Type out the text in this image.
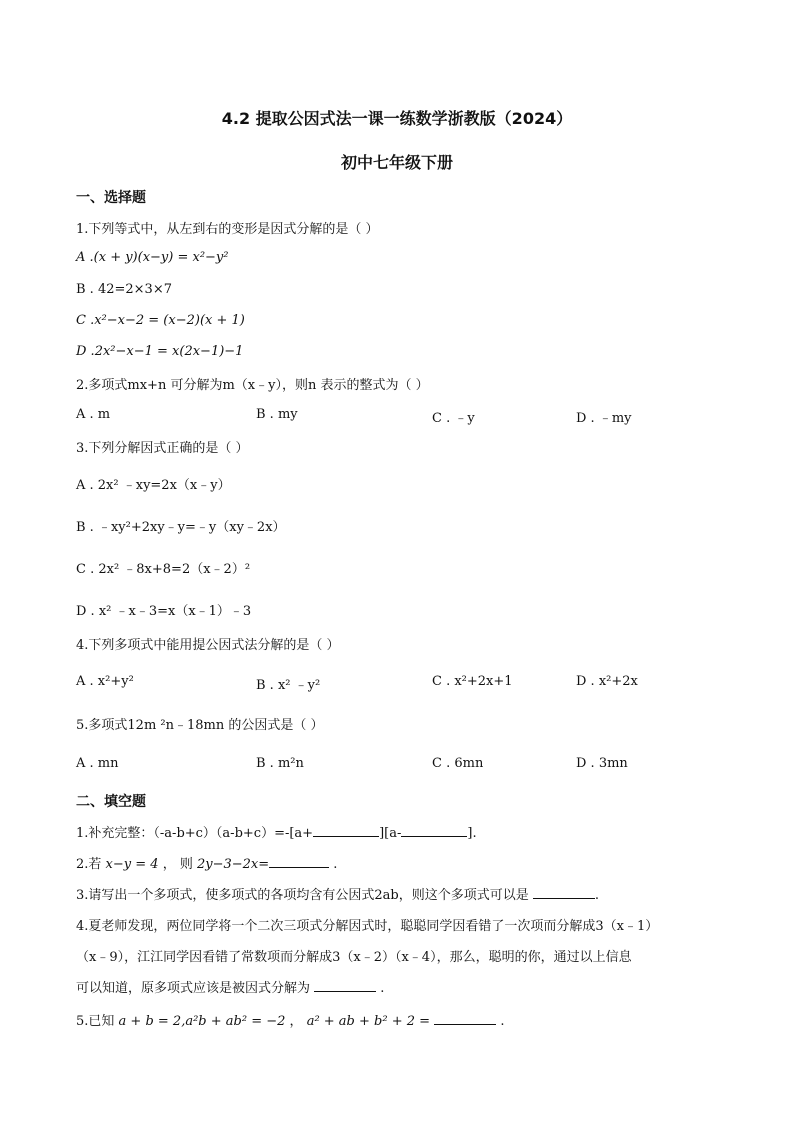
4.2 提取公因式法一课一练数学浙教版（2024）
初中七年级下册
一、选择题
1.下列等式中，从左到右的变形是因式分解的是（ ）
A .(x + y)(x−y) = x²−y²
B . 42=2×3×7
C .x²−x−2 = (x−2)(x + 1)
D .2x²−x−1 = x(2x−1)−1
2.多项式mx+n 可分解为m（x﹣y），则n 表示的整式为（ ）
A . m	B . my	C . ﹣y	D . ﹣my
3.下列分解因式正确的是（ ）
A . 2x² ﹣xy=2x（x﹣y）
B . ﹣xy²+2xy﹣y=﹣y（xy﹣2x）
C . 2x² ﹣8x+8=2（x﹣2）²
D . x² ﹣x﹣3=x（x﹣1）﹣3
4.下列多项式中能用提公因式法分解的是（ ）
A . x²+y²	B . x² ﹣y²	C . x²+2x+1	D . x²+2x
5.多项式12m ²n﹣18mn 的公因式是（ ）
A . mn	B . m²n	C . 6mn	D . 3mn
二、填空题
1.补充完整：（-a-b+c）（a-b+c）=-[a+	][a-	].
2.若 x−y = 4 ， 则 2y−3−2x=	.
3.请写出一个多项式，使多项式的各项均含有公因式2ab，则这个多项式可以是	.
4.夏老师发现，两位同学将一个二次三项式分解因式时，聪聪同学因看错了一次项而分解成3（x﹣1）
（x﹣9），江江同学因看错了常数项而分解成3（x﹣2）（x﹣4），那么，聪明的你，通过以上信息
可以知道，原多项式应该是被因式分解为	.
5.已知 a + b = 2,a²b + ab² = −2 ， a² + ab + b² + 2 =	.
